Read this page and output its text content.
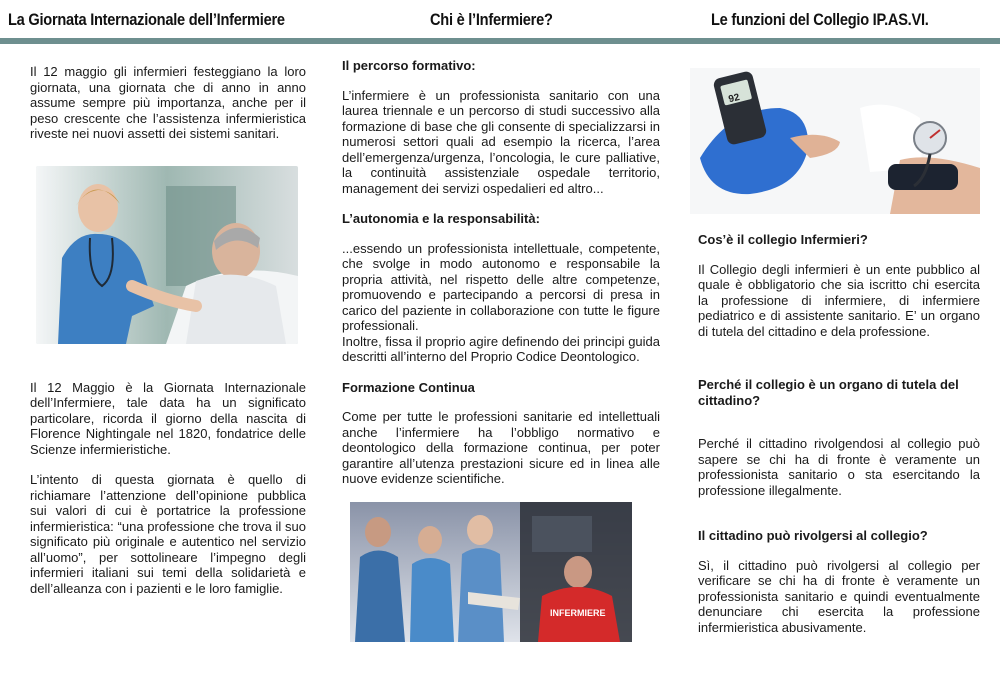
La Giornata Internazionale dell’Infermiere	Chi è l’Infermiere?	Le funzioni del Collegio IP.AS.VI.

Il 12 maggio gli infermieri festeggiano la loro giornata, una giornata che di anno in anno assume sempre più importanza, anche per il peso crescente che l’assistenza infermieristica riveste nei nuovi assetti dei sistemi sanitari.

Il 12 Maggio è la Giornata Internazionale dell’Infermiere, tale data ha un significato particolare, ricorda il giorno della nascita di Florence Nightingale nel 1820, fondatrice delle Scienze infermieristiche.

L’intento di questa giornata è quello di richiamare l’attenzione dell’opinione pubblica sui valori di cui è portatrice la professione infermieristica: “una professione che trova il suo significato più originale e autentico nel servizio all’uomo”, per sottolineare l’impegno degli infermieri italiani sui temi della solidarietà e dell’alleanza con i pazienti e le loro famiglie.

Il percorso formativo:

L’infermiere è un professionista sanitario con una laurea triennale e un percorso di studi successivo alla formazione di base che gli consente di specializzarsi in numerosi settori quali ad esempio la ricerca, l’area dell’emergenza/urgenza, l’oncologia, le cure palliative, la continuità assistenziale ospedale territorio, management dei servizi ospedalieri ed altro...

L’autonomia e la responsabilità:

...essendo un professionista intellettuale, competente, che svolge in modo autonomo e responsabile la propria attività, nel rispetto delle altre competenze, promuovendo e partecipando a percorsi di presa in carico del paziente in collaborazione con tutte le figure professionali.

Inoltre, fissa il proprio agire definendo dei principi guida descritti all’interno del Proprio Codice Deontologico.

Formazione Continua

Come per tutte le professioni sanitarie ed intellettuali anche l’infermiere ha l’obbligo normativo e deontologico della formazione continua, per poter garantire all’utenza prestazioni sicure ed in linea alle nuove evidenze scientifiche.

INFERMIERE
92
Cos’è il collegio Infermieri?

Il Collegio degli infermieri è un ente pubblico al quale è obbligatorio che sia iscritto chi esercita la professione di infermiere, di infermiere pediatrico e di assistente sanitario. E’ un organo di tutela del cittadino e dela professione.

Perché il collegio è un organo di tutela del cittadino?

Perché il cittadino rivolgendosi al collegio può sapere se chi ha di fronte è veramente un professionista sanitario o sta esercitando la professione illegalmente.

Il cittadino può rivolgersi al collegio?

Sì, il cittadino può rivolgersi al collegio per verificare se chi ha di fronte è veramente un professionista sanitario e quindi eventualmente denunciare chi esercita la professione infermieristica abusivamente.
